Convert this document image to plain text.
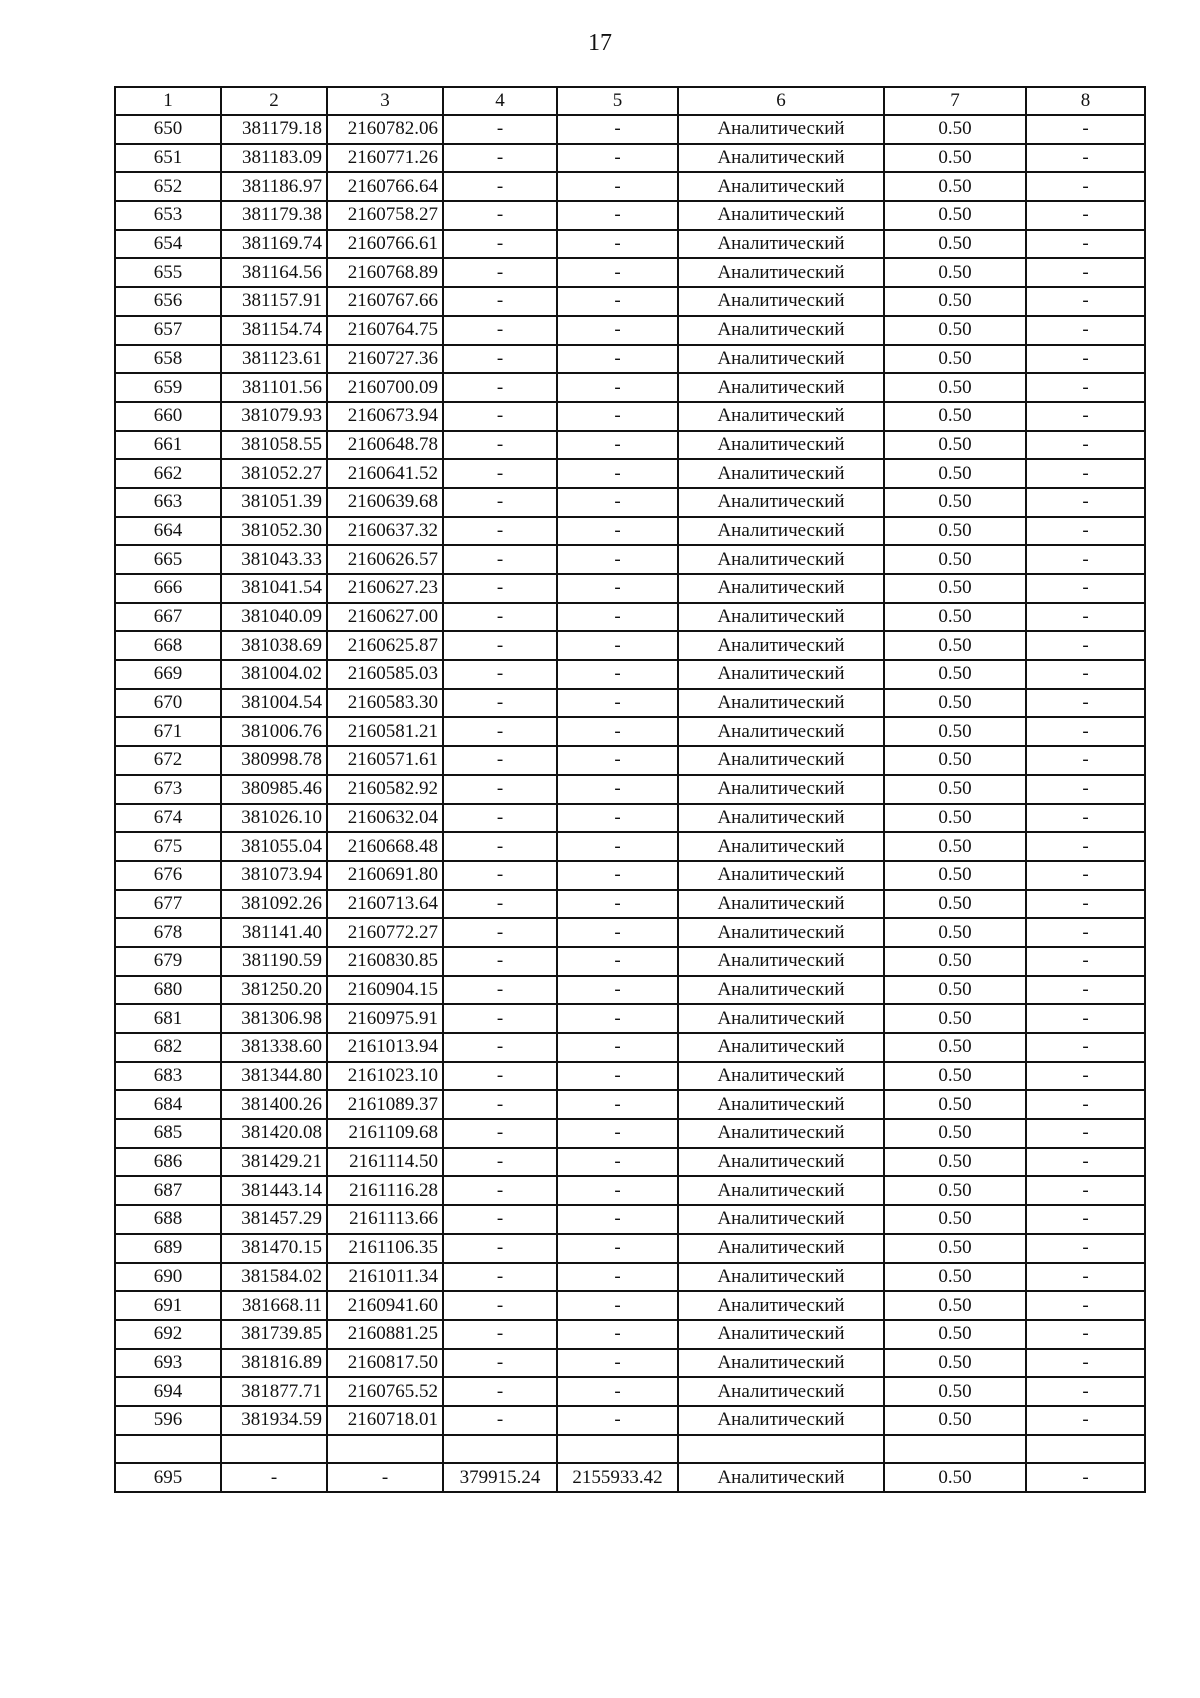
17
1	2	3	4	5	6	7	8
650	381179.18	2160782.06	-	-	Аналитический	0.50	-
651	381183.09	2160771.26	-	-	Аналитический	0.50	-
652	381186.97	2160766.64	-	-	Аналитический	0.50	-
653	381179.38	2160758.27	-	-	Аналитический	0.50	-
654	381169.74	2160766.61	-	-	Аналитический	0.50	-
655	381164.56	2160768.89	-	-	Аналитический	0.50	-
656	381157.91	2160767.66	-	-	Аналитический	0.50	-
657	381154.74	2160764.75	-	-	Аналитический	0.50	-
658	381123.61	2160727.36	-	-	Аналитический	0.50	-
659	381101.56	2160700.09	-	-	Аналитический	0.50	-
660	381079.93	2160673.94	-	-	Аналитический	0.50	-
661	381058.55	2160648.78	-	-	Аналитический	0.50	-
662	381052.27	2160641.52	-	-	Аналитический	0.50	-
663	381051.39	2160639.68	-	-	Аналитический	0.50	-
664	381052.30	2160637.32	-	-	Аналитический	0.50	-
665	381043.33	2160626.57	-	-	Аналитический	0.50	-
666	381041.54	2160627.23	-	-	Аналитический	0.50	-
667	381040.09	2160627.00	-	-	Аналитический	0.50	-
668	381038.69	2160625.87	-	-	Аналитический	0.50	-
669	381004.02	2160585.03	-	-	Аналитический	0.50	-
670	381004.54	2160583.30	-	-	Аналитический	0.50	-
671	381006.76	2160581.21	-	-	Аналитический	0.50	-
672	380998.78	2160571.61	-	-	Аналитический	0.50	-
673	380985.46	2160582.92	-	-	Аналитический	0.50	-
674	381026.10	2160632.04	-	-	Аналитический	0.50	-
675	381055.04	2160668.48	-	-	Аналитический	0.50	-
676	381073.94	2160691.80	-	-	Аналитический	0.50	-
677	381092.26	2160713.64	-	-	Аналитический	0.50	-
678	381141.40	2160772.27	-	-	Аналитический	0.50	-
679	381190.59	2160830.85	-	-	Аналитический	0.50	-
680	381250.20	2160904.15	-	-	Аналитический	0.50	-
681	381306.98	2160975.91	-	-	Аналитический	0.50	-
682	381338.60	2161013.94	-	-	Аналитический	0.50	-
683	381344.80	2161023.10	-	-	Аналитический	0.50	-
684	381400.26	2161089.37	-	-	Аналитический	0.50	-
685	381420.08	2161109.68	-	-	Аналитический	0.50	-
686	381429.21	2161114.50	-	-	Аналитический	0.50	-
687	381443.14	2161116.28	-	-	Аналитический	0.50	-
688	381457.29	2161113.66	-	-	Аналитический	0.50	-
689	381470.15	2161106.35	-	-	Аналитический	0.50	-
690	381584.02	2161011.34	-	-	Аналитический	0.50	-
691	381668.11	2160941.60	-	-	Аналитический	0.50	-
692	381739.85	2160881.25	-	-	Аналитический	0.50	-
693	381816.89	2160817.50	-	-	Аналитический	0.50	-
694	381877.71	2160765.52	-	-	Аналитический	0.50	-
596	381934.59	2160718.01	-	-	Аналитический	0.50	-

695	-	-	379915.24	2155933.42	Аналитический	0.50	-
